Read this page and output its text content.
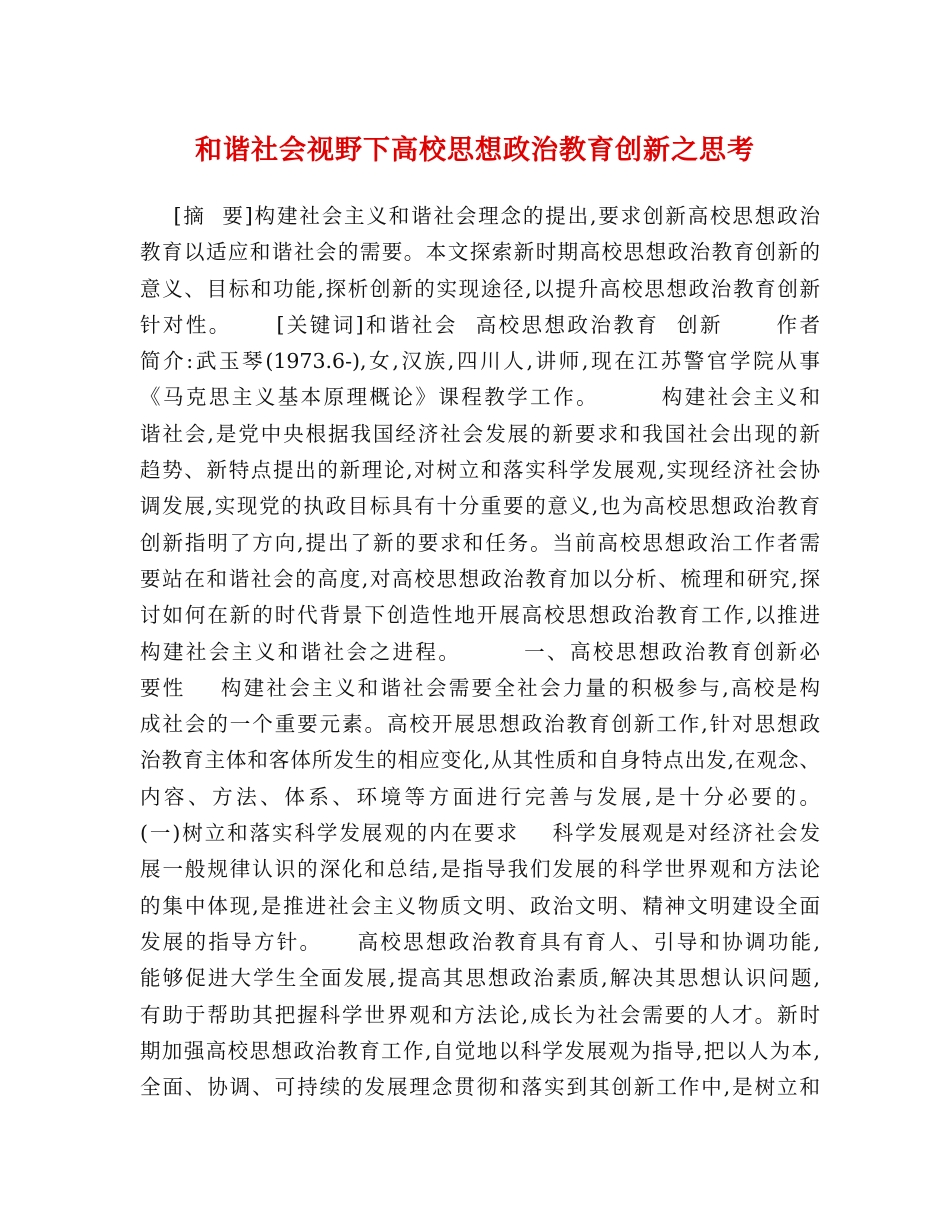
和谐社会视野下高校思想政治教育创新之思考
[摘  要]构建社会主义和谐社会理念的提出,要求创新高校思想政治
教育以适应和谐社会的需要。本文探索新时期高校思想政治教育创新的
意义、目标和功能,探析创新的实现途径,以提升高校思想政治教育创新
针对性。     [关键词]和谐社会  高校思想政治教育  创新      作者
简介:武玉琴(1973.6-),女,汉族,四川人,讲师,现在江苏警官学院从事
《马克思主义基本原理概论》课程教学工作。       构建社会主义和
谐社会,是党中央根据我国经济社会发展的新要求和我国社会出现的新
趋势、新特点提出的新理论,对树立和落实科学发展观,实现经济社会协
调发展,实现党的执政目标具有十分重要的意义,也为高校思想政治教育
创新指明了方向,提出了新的要求和任务。当前高校思想政治工作者需
要站在和谐社会的高度,对高校思想政治教育加以分析、梳理和研究,探
讨如何在新的时代背景下创造性地开展高校思想政治教育工作,以推进
构建社会主义和谐社会之进程。       一、高校思想政治教育创新必
要性    构建社会主义和谐社会需要全社会力量的积极参与,高校是构
成社会的一个重要元素。高校开展思想政治教育创新工作,针对思想政
治教育主体和客体所发生的相应变化,从其性质和自身特点出发,在观念、
内容、方法、体系、环境等方面进行完善与发展,是十分必要的。
(一)树立和落实科学发展观的内在要求    科学发展观是对经济社会发
展一般规律认识的深化和总结,是指导我们发展的科学世界观和方法论
的集中体现,是推进社会主义物质文明、政治文明、精神文明建设全面
发展的指导方针。    高校思想政治教育具有育人、引导和协调功能,
能够促进大学生全面发展,提高其思想政治素质,解决其思想认识问题,
有助于帮助其把握科学世界观和方法论,成长为社会需要的人才。新时
期加强高校思想政治教育工作,自觉地以科学发展观为指导,把以人为本,
全面、协调、可持续的发展理念贯彻和落实到其创新工作中,是树立和
